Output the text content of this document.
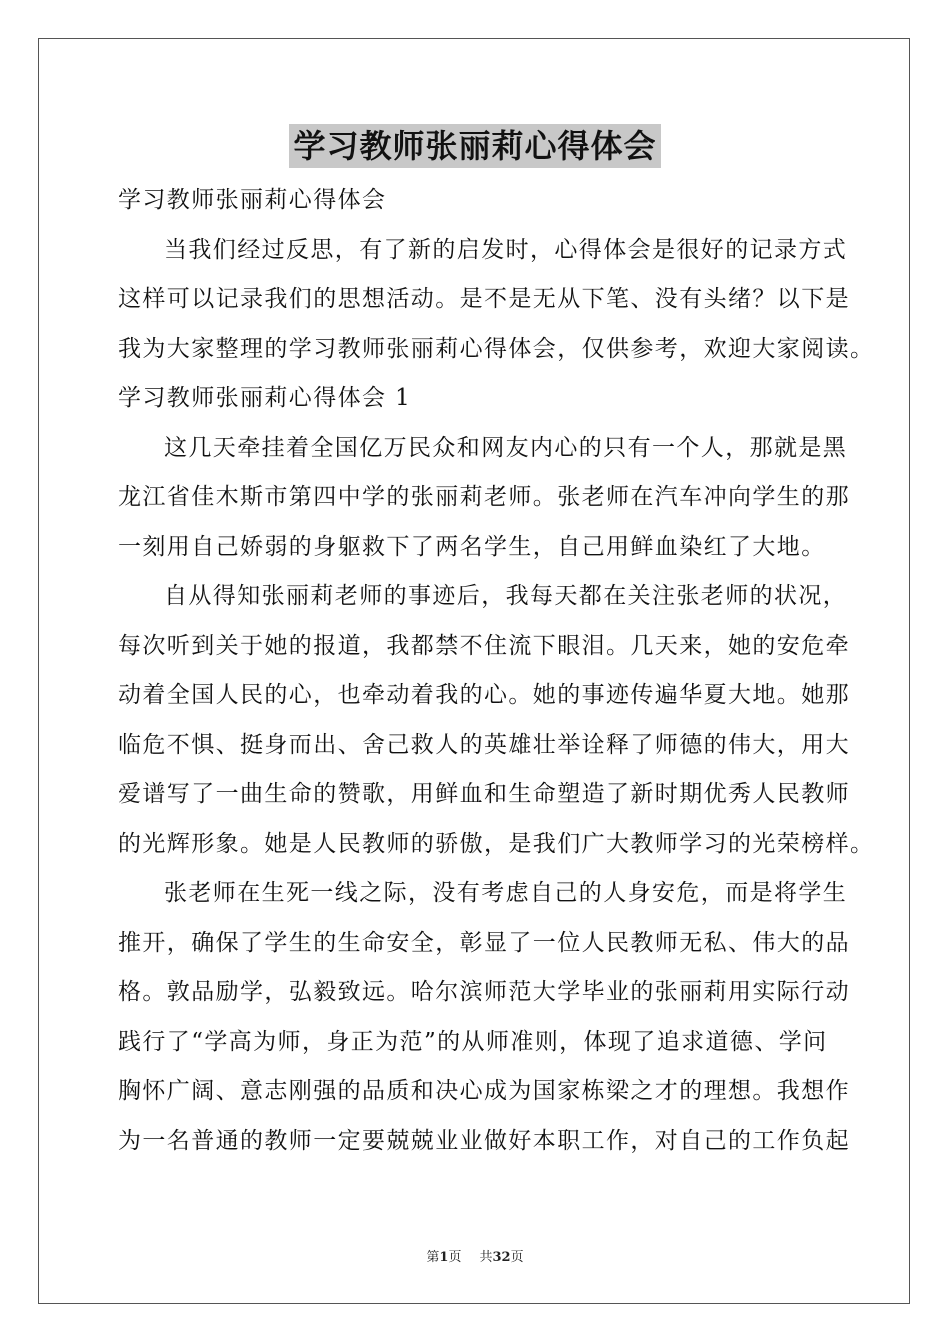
学习教师张丽莉心得体会
学习教师张丽莉心得体会
当我们经过反思，有了新的启发时，心得体会是很好的记录方式
这样可以记录我们的思想活动。是不是无从下笔、没有头绪？以下是
我为大家整理的学习教师张丽莉心得体会，仅供参考，欢迎大家阅读。
学习教师张丽莉心得体会 1
这几天牵挂着全国亿万民众和网友内心的只有一个人，那就是黑
龙江省佳木斯市第四中学的张丽莉老师。张老师在汽车冲向学生的那
一刻用自己娇弱的身躯救下了两名学生，自己用鲜血染红了大地。
自从得知张丽莉老师的事迹后，我每天都在关注张老师的状况，
每次听到关于她的报道，我都禁不住流下眼泪。几天来，她的安危牵
动着全国人民的心，也牵动着我的心。她的事迹传遍华夏大地。她那
临危不惧、挺身而出、舍己救人的英雄壮举诠释了师德的伟大，用大
爱谱写了一曲生命的赞歌，用鲜血和生命塑造了新时期优秀人民教师
的光辉形象。她是人民教师的骄傲，是我们广大教师学习的光荣榜样。
张老师在生死一线之际，没有考虑自己的人身安危，而是将学生
推开，确保了学生的生命安全，彰显了一位人民教师无私、伟大的品
格。敦品励学，弘毅致远。哈尔滨师范大学毕业的张丽莉用实际行动
践行了“学高为师，身正为范”的从师准则，体现了追求道德、学问
胸怀广阔、意志刚强的品质和决心成为国家栋梁之才的理想。我想作
为一名普通的教师一定要兢兢业业做好本职工作，对自己的工作负起
第1页 共32页
